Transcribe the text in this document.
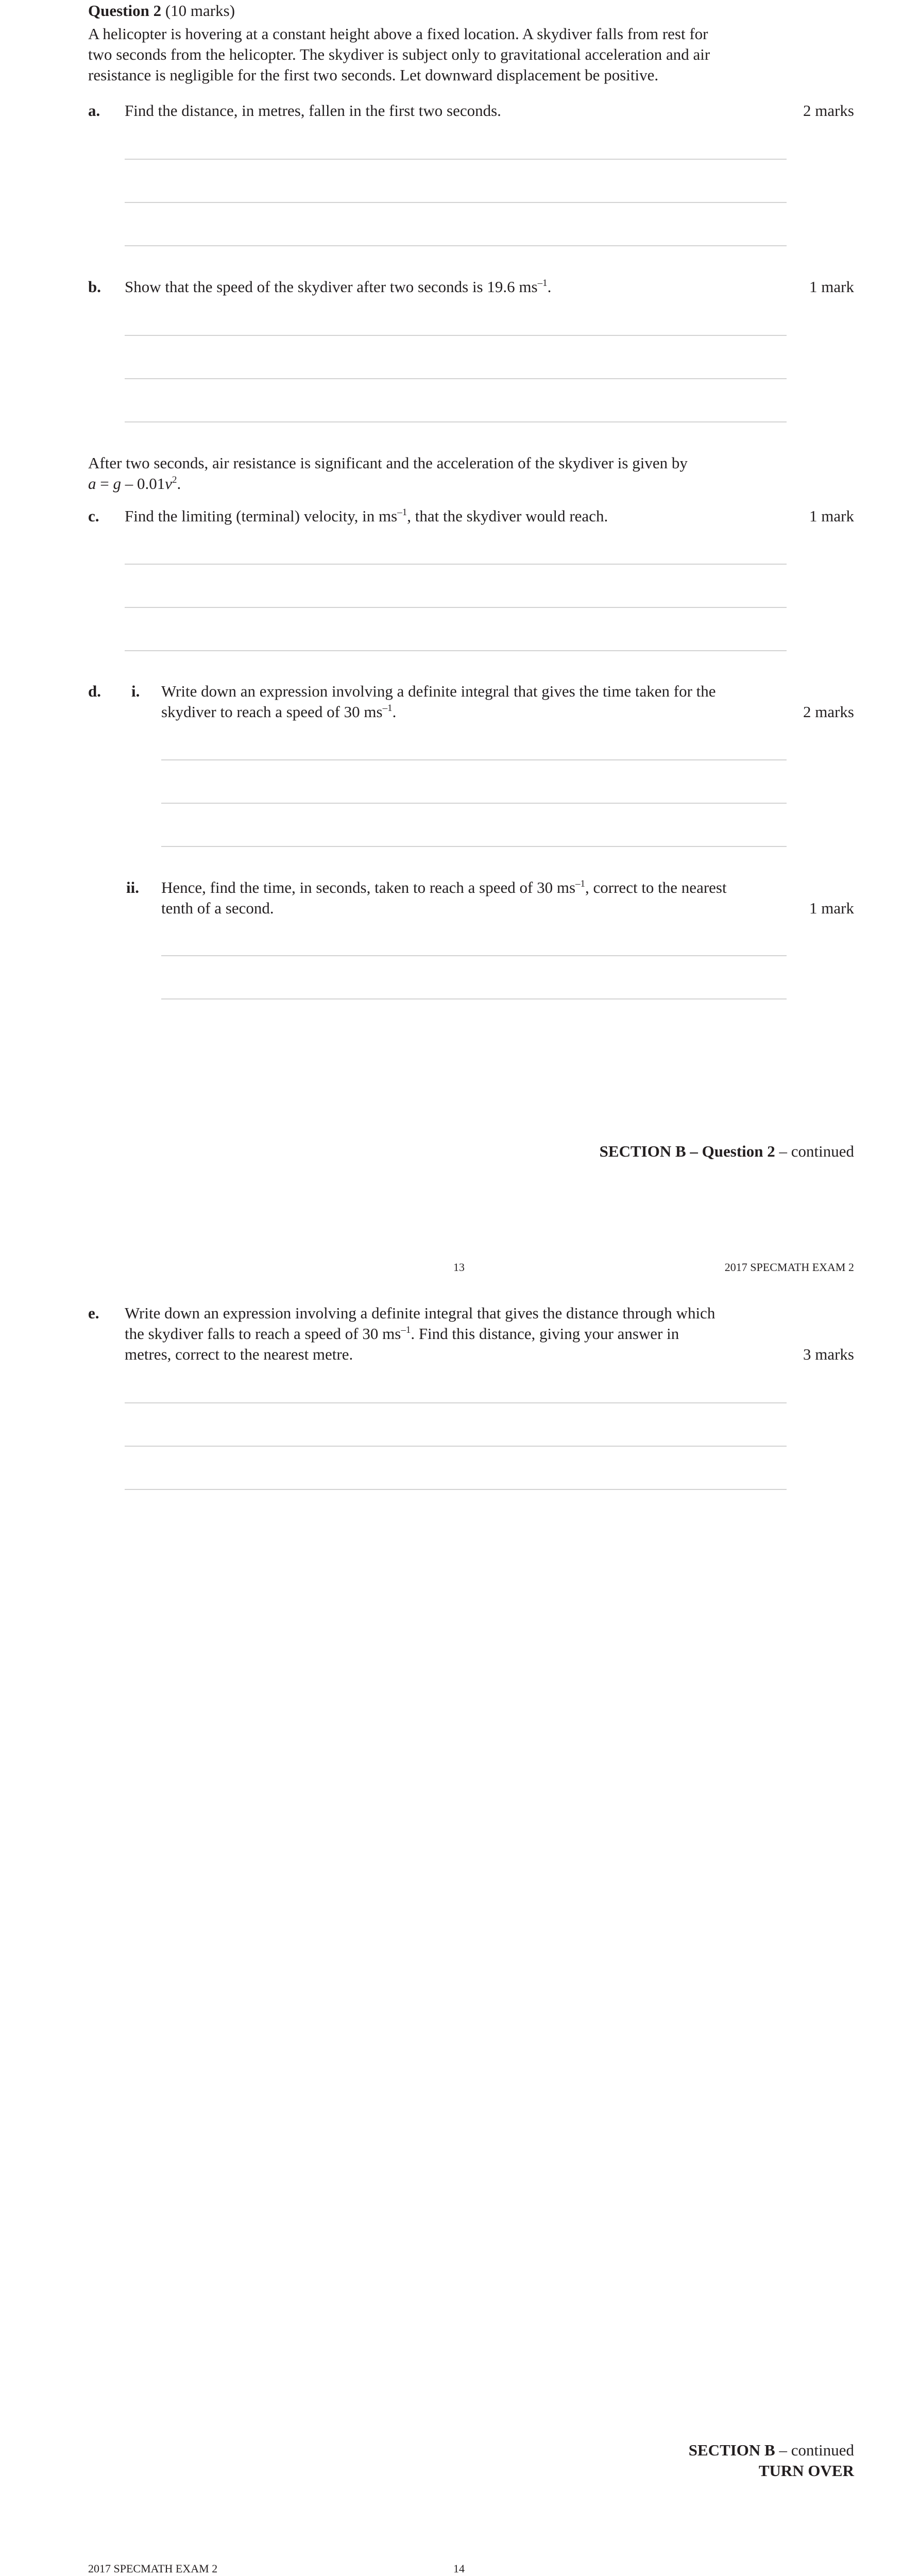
Question 2 (10 marks)
A helicopter is hovering at a constant height above a fixed location. A skydiver falls from rest for
two seconds from the helicopter. The skydiver is subject only to gravitational acceleration and air
resistance is negligible for the first two seconds. Let downward displacement be positive.
a. Find the distance, in metres, fallen in the first two seconds.	2 marks
b. Show that the speed of the skydiver after two seconds is 19.6 $ms^{-1}$.	1 mark
After two seconds, air resistance is significant and the acceleration of the skydiver is given by
$a = g - 0.01v^2$.
c. Find the limiting (terminal) velocity, in $ms^{-1}$, that the skydiver would reach.	1 mark
d. i. Write down an expression involving a definite integral that gives the time taken for the
skydiver to reach a speed of 30 $ms^{-1}$.	2 marks
ii. Hence, find the time, in seconds, taken to reach a speed of 30 $ms^{-1}$, correct to the nearest
tenth of a second.	1 mark
SECTION B – Question 2 – continued
13	2017 SPECMATH EXAM 2
e. Write down an expression involving a definite integral that gives the distance through which
the skydiver falls to reach a speed of 30 $ms^{-1}$. Find this distance, giving your answer in
metres, correct to the nearest metre.	3 marks
SECTION B – continued
TURN OVER
2017 SPECMATH EXAM 2	14
